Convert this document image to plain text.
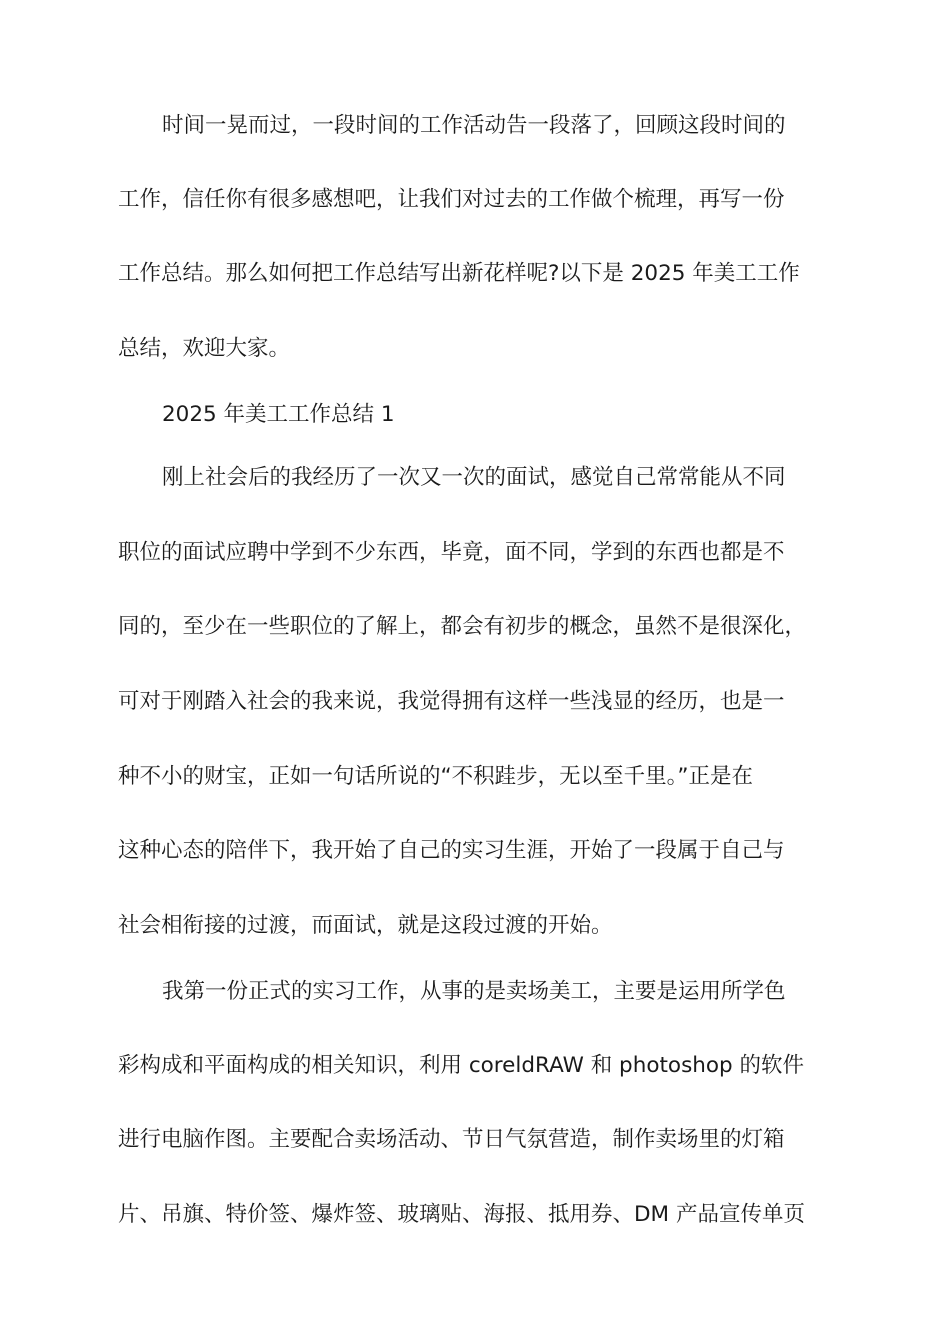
时间一晃而过，一段时间的工作活动告一段落了，回顾这段时间的
工作，信任你有很多感想吧，让我们对过去的工作做个梳理，再写一份
工作总结。那么如何把工作总结写出新花样呢?以下是 2025 年美工工作
总结，欢迎大家。
2025 年美工工作总结 1
刚上社会后的我经历了一次又一次的面试，感觉自己常常能从不同
职位的面试应聘中学到不少东西，毕竟，面不同，学到的东西也都是不
同的，至少在一些职位的了解上，都会有初步的概念，虽然不是很深化，
可对于刚踏入社会的我来说，我觉得拥有这样一些浅显的经历，也是一
种不小的财宝，正如一句话所说的“不积跬步，无以至千里。”正是在
这种心态的陪伴下，我开始了自己的实习生涯，开始了一段属于自己与
社会相衔接的过渡，而面试，就是这段过渡的开始。
我第一份正式的实习工作，从事的是卖场美工，主要是运用所学色
彩构成和平面构成的相关知识，利用 coreldRAW 和 photoshop 的软件
进行电脑作图。主要配合卖场活动、节日气氛营造，制作卖场里的灯箱
片、吊旗、特价签、爆炸签、玻璃贴、海报、抵用券、DM 产品宣传单页
